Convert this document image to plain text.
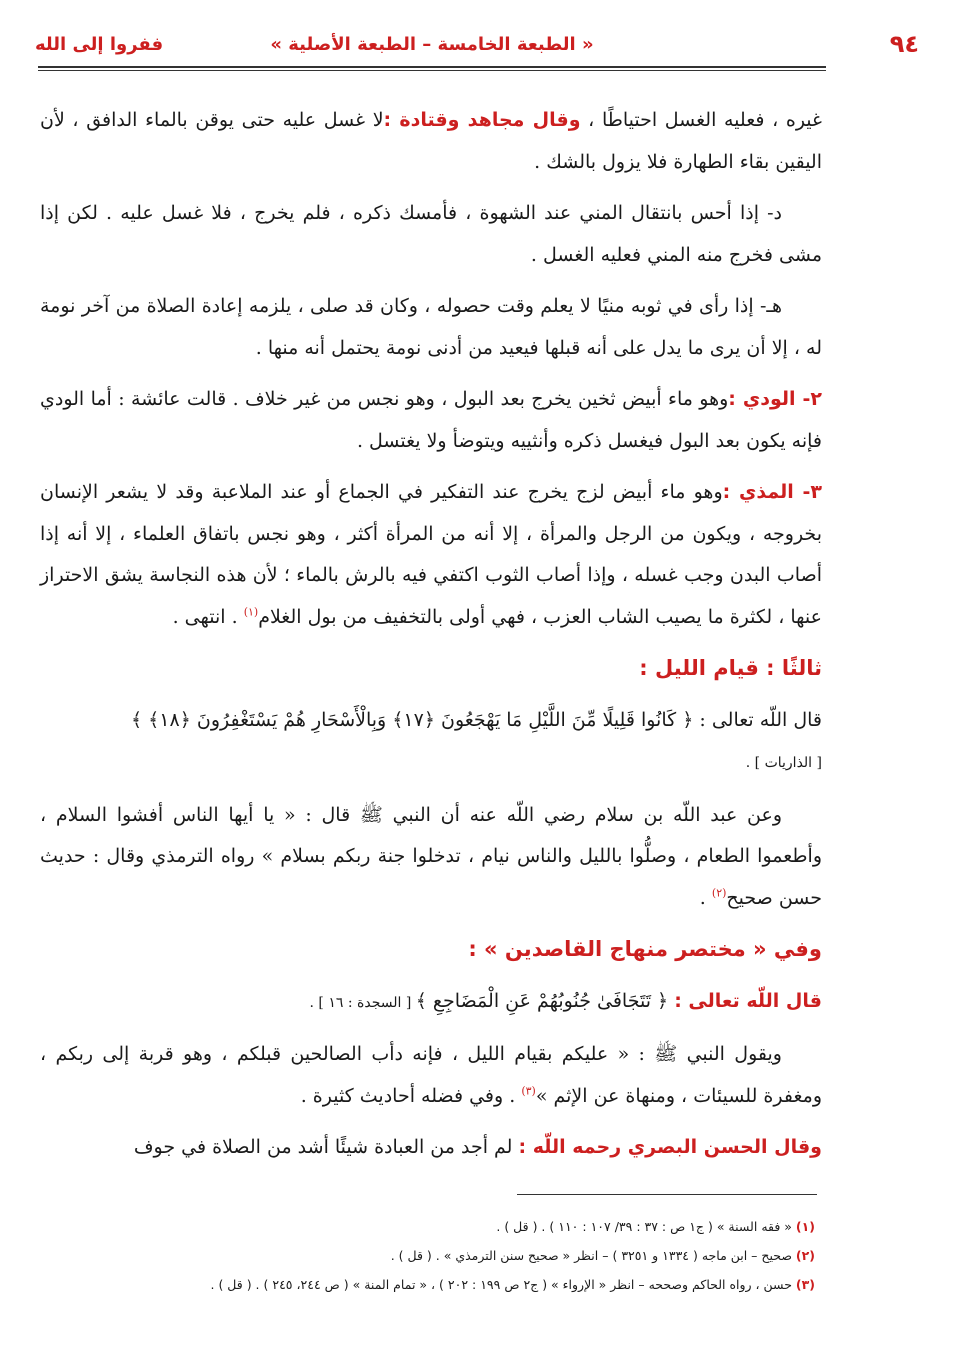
٩٤
« الطبعة الخامسة – الطبعة الأصلية »
ففروا إلى الله

غيره ، فعليه الغسل احتياطًا ، وقال مجاهد وقتادة :لا غسل عليه حتى يوقن بالماء الدافق ، لأن اليقين بقاء الطهارة فلا يزول بالشك .

د- إذا أحس بانتقال المني عند الشهوة ، فأمسك ذكره ، فلم يخرج ، فلا غسل عليه . لكن إذا مشى فخرج منه المني فعليه الغسل .

هـ- إذا رأى في ثوبه منيًا لا يعلم وقت حصوله ، وكان قد صلى ، يلزمه إعادة الصلاة من آخر نومة له ، إلا أن يرى ما يدل على أنه قبلها فيعيد من أدنى نومة يحتمل أنه منها .

٢- الودي :وهو ماء أبيض ثخين يخرج بعد البول ، وهو نجس من غير خلاف . قالت عائشة : أما الودي فإنه يكون بعد البول فيغسل ذكره وأنثييه ويتوضأ ولا يغتسل .

٣- المذي :وهو ماء أبيض لزج يخرج عند التفكير في الجماع أو عند الملاعبة وقد لا يشعر الإنسان بخروجه ، ويكون من الرجل والمرأة ، إلا أنه من المرأة أكثر ، وهو نجس باتفاق العلماء ، إلا أنه إذا أصاب البدن وجب غسله ، وإذا أصاب الثوب اكتفي فيه بالرش بالماء ؛ لأن هذه النجاسة يشق الاحتراز عنها ، لكثرة ما يصيب الشاب العزب ، فهي أولى بالتخفيف من بول الغلام$^{(١)}$ . انتهى .

ثالثًا : قيام الليل :

قال اللّه تعالى : ﴿ كَانُوا قَلِيلًا مِّنَ اللَّيْلِ مَا يَهْجَعُونَ ﴿١٧﴾ وَبِالْأَسْحَارِ هُمْ يَسْتَغْفِرُونَ ﴿١٨﴾ ﴾
[ الذاريات ] .

وعن عبد اللّه بن سلام رضي اللّه عنه أن النبي ﷺ قال : « يا أيها الناس أفشوا السلام ، وأطعموا الطعام ، وصلُّوا بالليل والناس نيام ، تدخلوا جنة ربكم بسلام » رواه الترمذي وقال : حديث حسن صحيح$^{(٢)}$ .

وفي « مختصر منهاج القاصدين » :

قال اللّه تعالى : ﴿ تَتَجَافَىٰ جُنُوبُهُمْ عَنِ الْمَضَاجِعِ ﴾ [ السجدة : ١٦ ] .

ويقول النبي ﷺ : « عليكم بقيام الليل ، فإنه دأب الصالحين قبلكم ، وهو قربة إلى ربكم ، ومغفرة للسيئات ، ومنهاة عن الإثم »$^{(٣)}$ . وفي فضله أحاديث كثيرة .

وقال الحسن البصري رحمه اللّه : لم أجد من العبادة شيئًا أشد من الصلاة في جوف

(١) « فقه السنة » ( ج١ ص : ٣٧ : ٣٩/ ١٠٧ : ١١٠ ) . ( قل ) .

(٢) صحيح – ابن ماجه ( ١٣٣٤ و ٣٢٥١ ) – انظر « صحيح سنن الترمذي » . ( قل ) .

(٣) حسن ، رواه الحاكم وصححه – انظر « الإرواء » ( ج٢ ص ١٩٩ : ٢٠٢ ) ، « تمام المنة » ( ص ٢٤٤، ٢٤٥ ) . ( قل ) .
